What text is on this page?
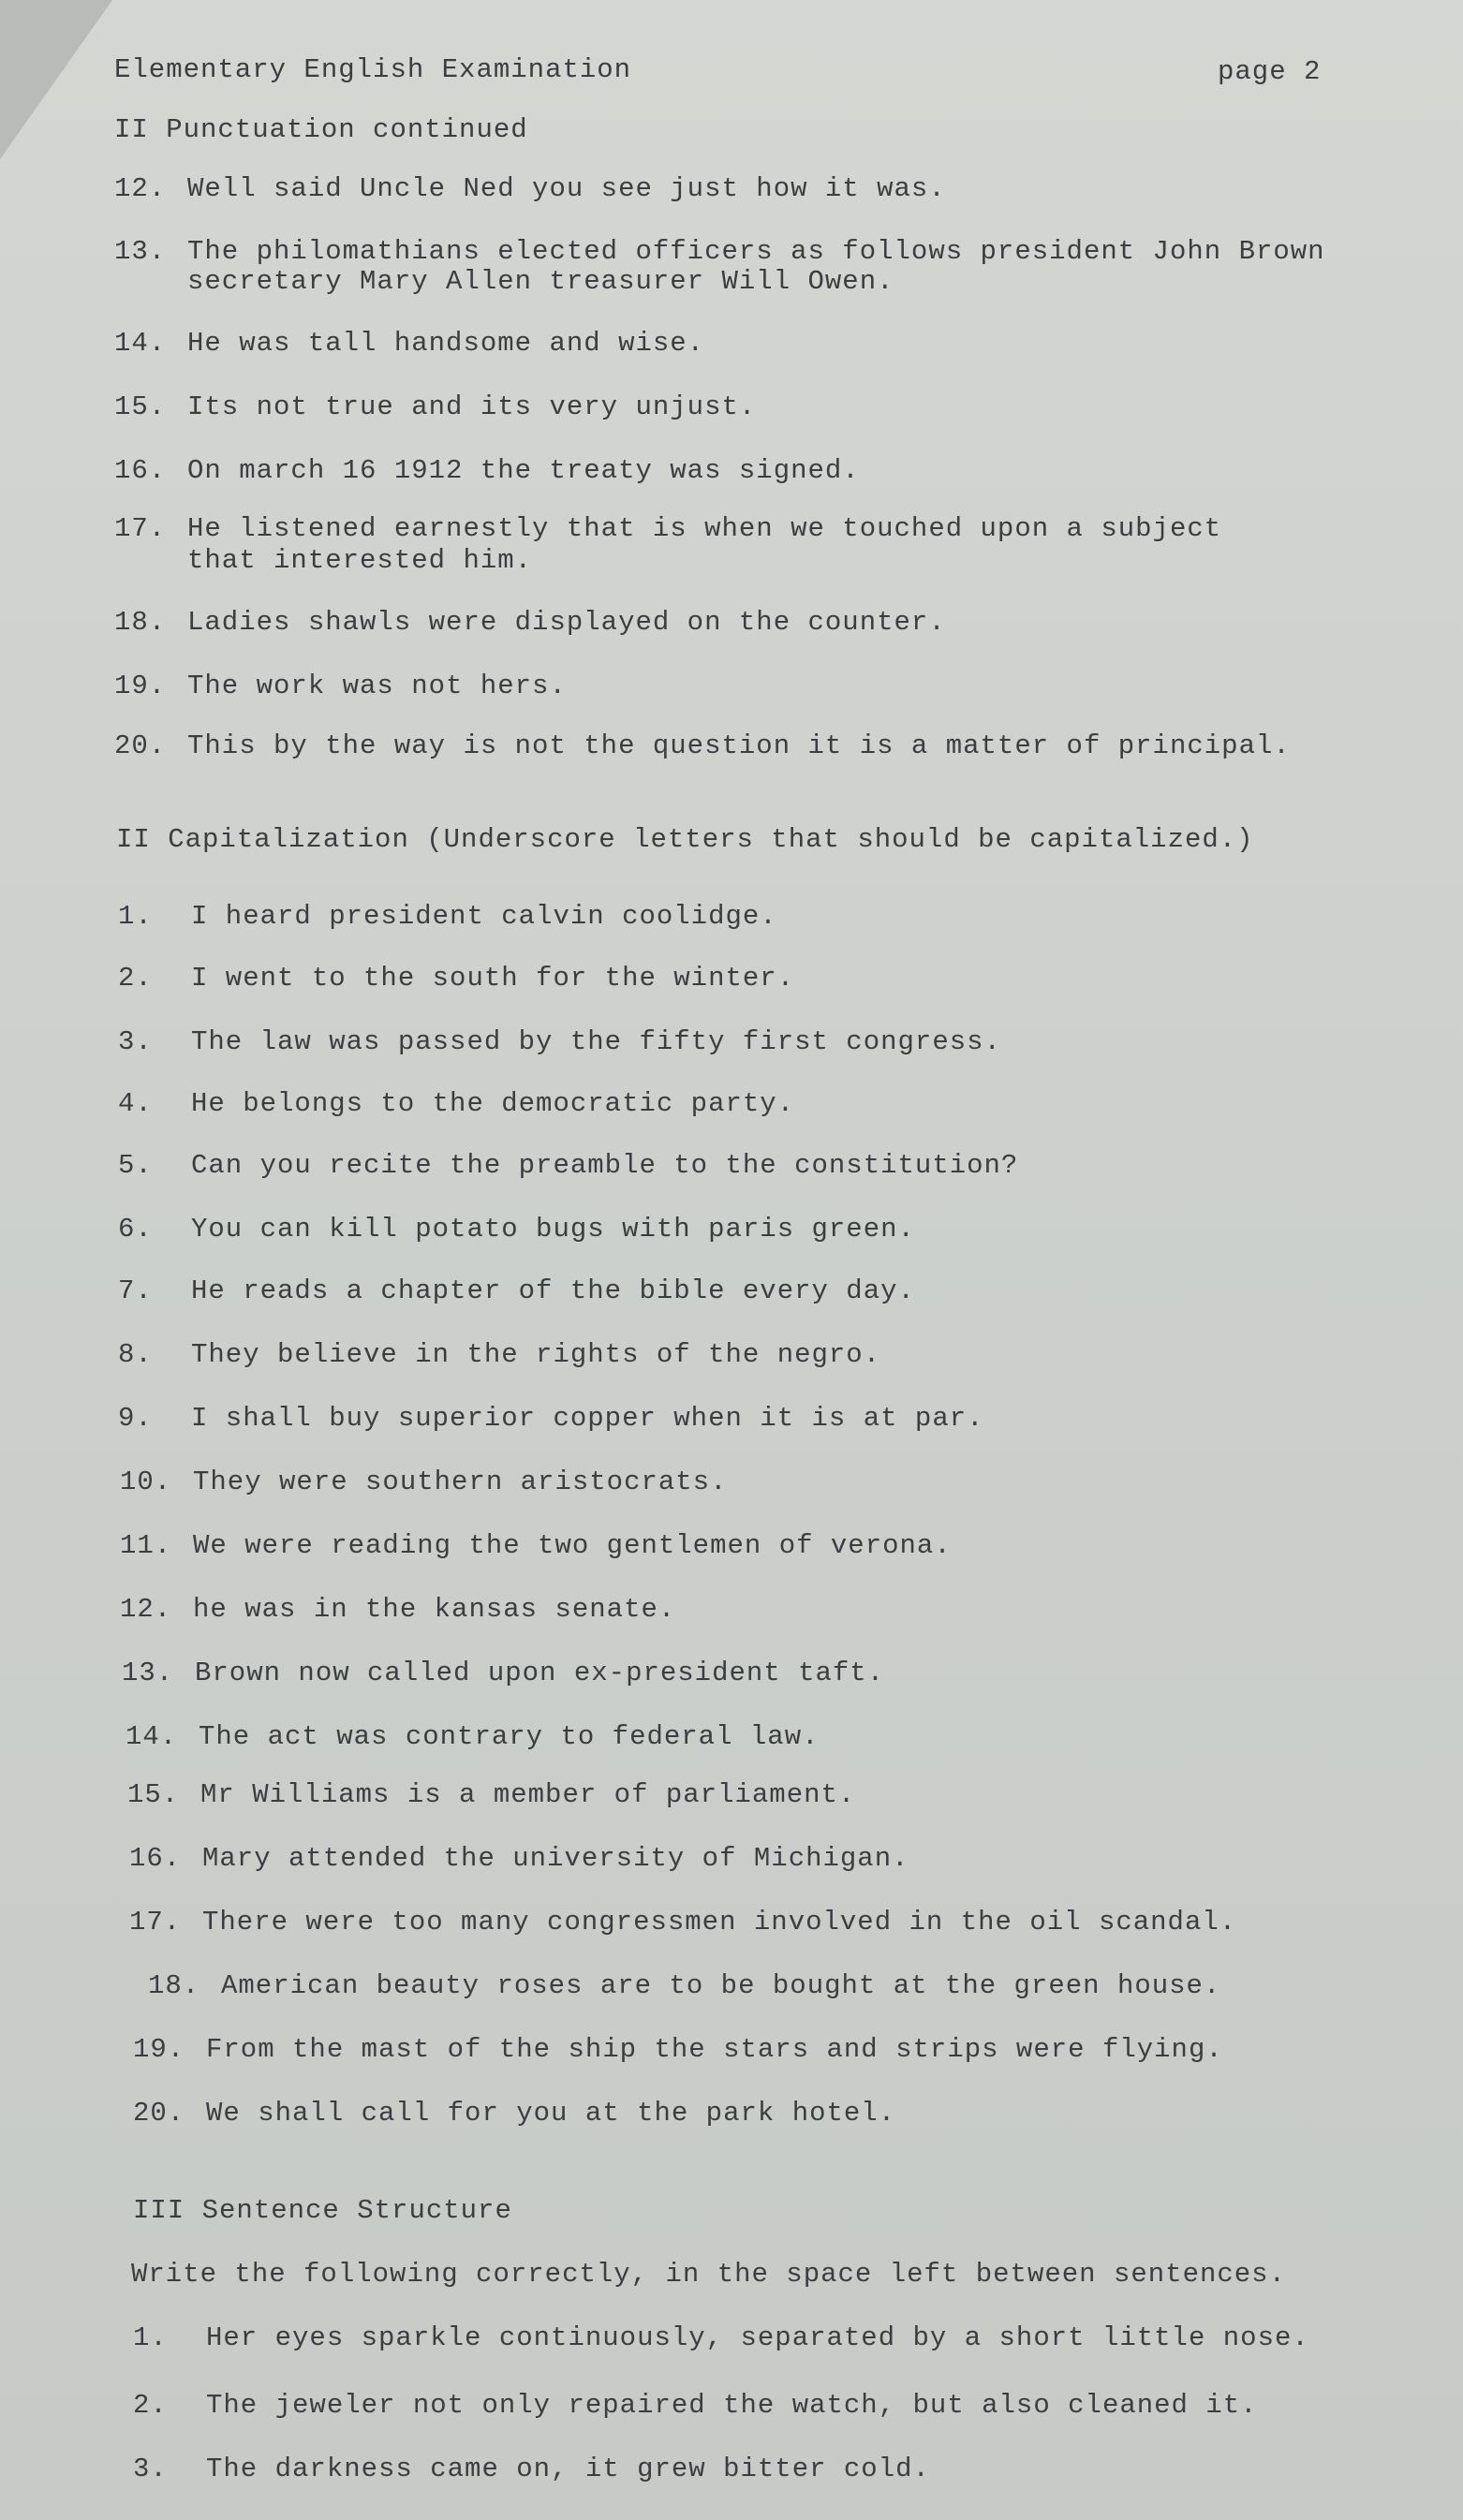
Elementary English Examination	page 2
II Punctuation continued
12. Well said Uncle Ned you see just how it was.
13. The philomathians elected officers as follows president John Brown
secretary Mary Allen treasurer Will Owen.
14. He was tall handsome and wise.
15. Its not true and its very unjust.
16. On march 16 1912 the treaty was signed.
17. He listened earnestly that is when we touched upon a subject
that interested him.
18. Ladies shawls were displayed on the counter.
19. The work was not hers.
20. This by the way is not the question it is a matter of principal.
II Capitalization (Underscore letters that should be capitalized.)
1. I heard president calvin coolidge.
2. I went to the south for the winter.
3. The law was passed by the fifty first congress.
4. He belongs to the democratic party.
5. Can you recite the preamble to the constitution?
6. You can kill potato bugs with paris green.
7. He reads a chapter of the bible every day.
8. They believe in the rights of the negro.
9. I shall buy superior copper when it is at par.
10. They were southern aristocrats.
11. We were reading the two gentlemen of verona.
12. he was in the kansas senate.
13. Brown now called upon ex-president taft.
14. The act was contrary to federal law.
15. Mr Williams is a member of parliament.
16. Mary attended the university of Michigan.
17. There were too many congressmen involved in the oil scandal.
18. American beauty roses are to be bought at the green house.
19. From the mast of the ship the stars and strips were flying.
20. We shall call for you at the park hotel.
III Sentence Structure
Write the following correctly, in the space left between sentences.
1. Her eyes sparkle continuously, separated by a short little nose.
2. The jeweler not only repaired the watch, but also cleaned it.
3. The darkness came on, it grew bitter cold.
